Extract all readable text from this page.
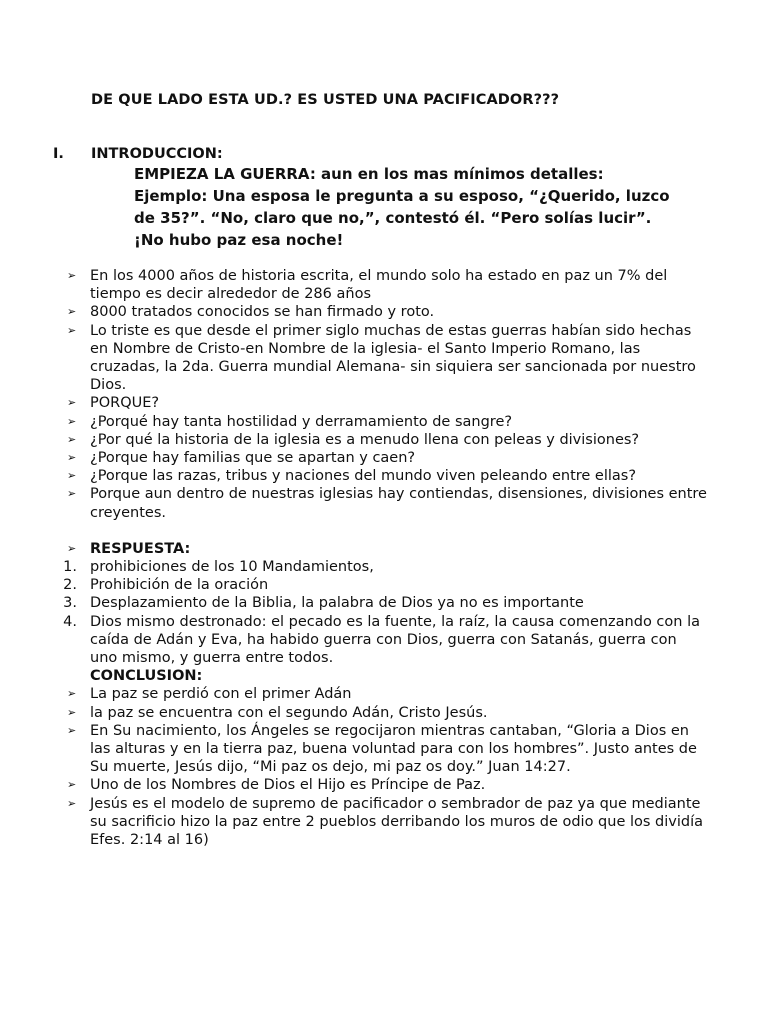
DE QUE LADO ESTA UD.? ES USTED UNA PACIFICADOR???
I. INTRODUCCION:

EMPIEZA LA GUERRA: aun en los mas mínimos detalles:

Ejemplo: Una esposa le pregunta a su esposo, “¿Querido, luzco de 35?”. “No, claro que no,”, contestó él. “Pero solías lucir”.

¡No hubo paz esa noche!

➢ En los 4000 años de historia escrita, el mundo solo ha estado en paz un 7% del tiempo es decir alrededor de 286 años
➢ 8000 tratados conocidos se han firmado y roto.
➢ Lo triste es que desde el primer siglo muchas de estas guerras habían sido hechas en Nombre de Cristo-en Nombre de la iglesia- el Santo Imperio Romano, las cruzadas, la 2da. Guerra mundial Alemana- sin siquiera ser sancionada por nuestro Dios.
➢ PORQUE?
➢ ¿Porqué hay tanta hostilidad y derramamiento de sangre?
➢ ¿Por qué la historia de la iglesia es a menudo llena con peleas y divisiones?
➢ ¿Porque hay familias que se apartan y caen?
➢ ¿Porque las razas, tribus y naciones del mundo viven peleando entre ellas?
➢ Porque aun dentro de nuestras iglesias hay contiendas, disensiones, divisiones entre creyentes.
➢ RESPUESTA:
1. prohibiciones de los 10 Mandamientos,
2. Prohibición de la oración
3. Desplazamiento de la Biblia, la palabra de Dios ya no es importante
4. Dios mismo destronado: el pecado es la fuente, la raíz, la causa comenzando con la caída de Adán y Eva, ha habido guerra con Dios, guerra con Satanás, guerra con uno mismo, y guerra entre todos.
CONCLUSION:
➢ La paz se perdió con el primer Adán
➢ la paz se encuentra con el segundo Adán, Cristo Jesús.
➢ En Su nacimiento, los Ángeles se regocijaron mientras cantaban, “Gloria a Dios en las alturas y en la tierra paz, buena voluntad para con los hombres”. Justo antes de Su muerte, Jesús dijo, “Mi paz os dejo, mi paz os doy.” Juan 14:27.
➢ Uno de los Nombres de Dios el Hijo es Príncipe de Paz.
➢ Jesús es el modelo de supremo de pacificador o sembrador de paz ya que mediante su sacrificio hizo la paz entre 2 pueblos derribando los muros de odio que los dividía Efes. 2:14 al 16)
